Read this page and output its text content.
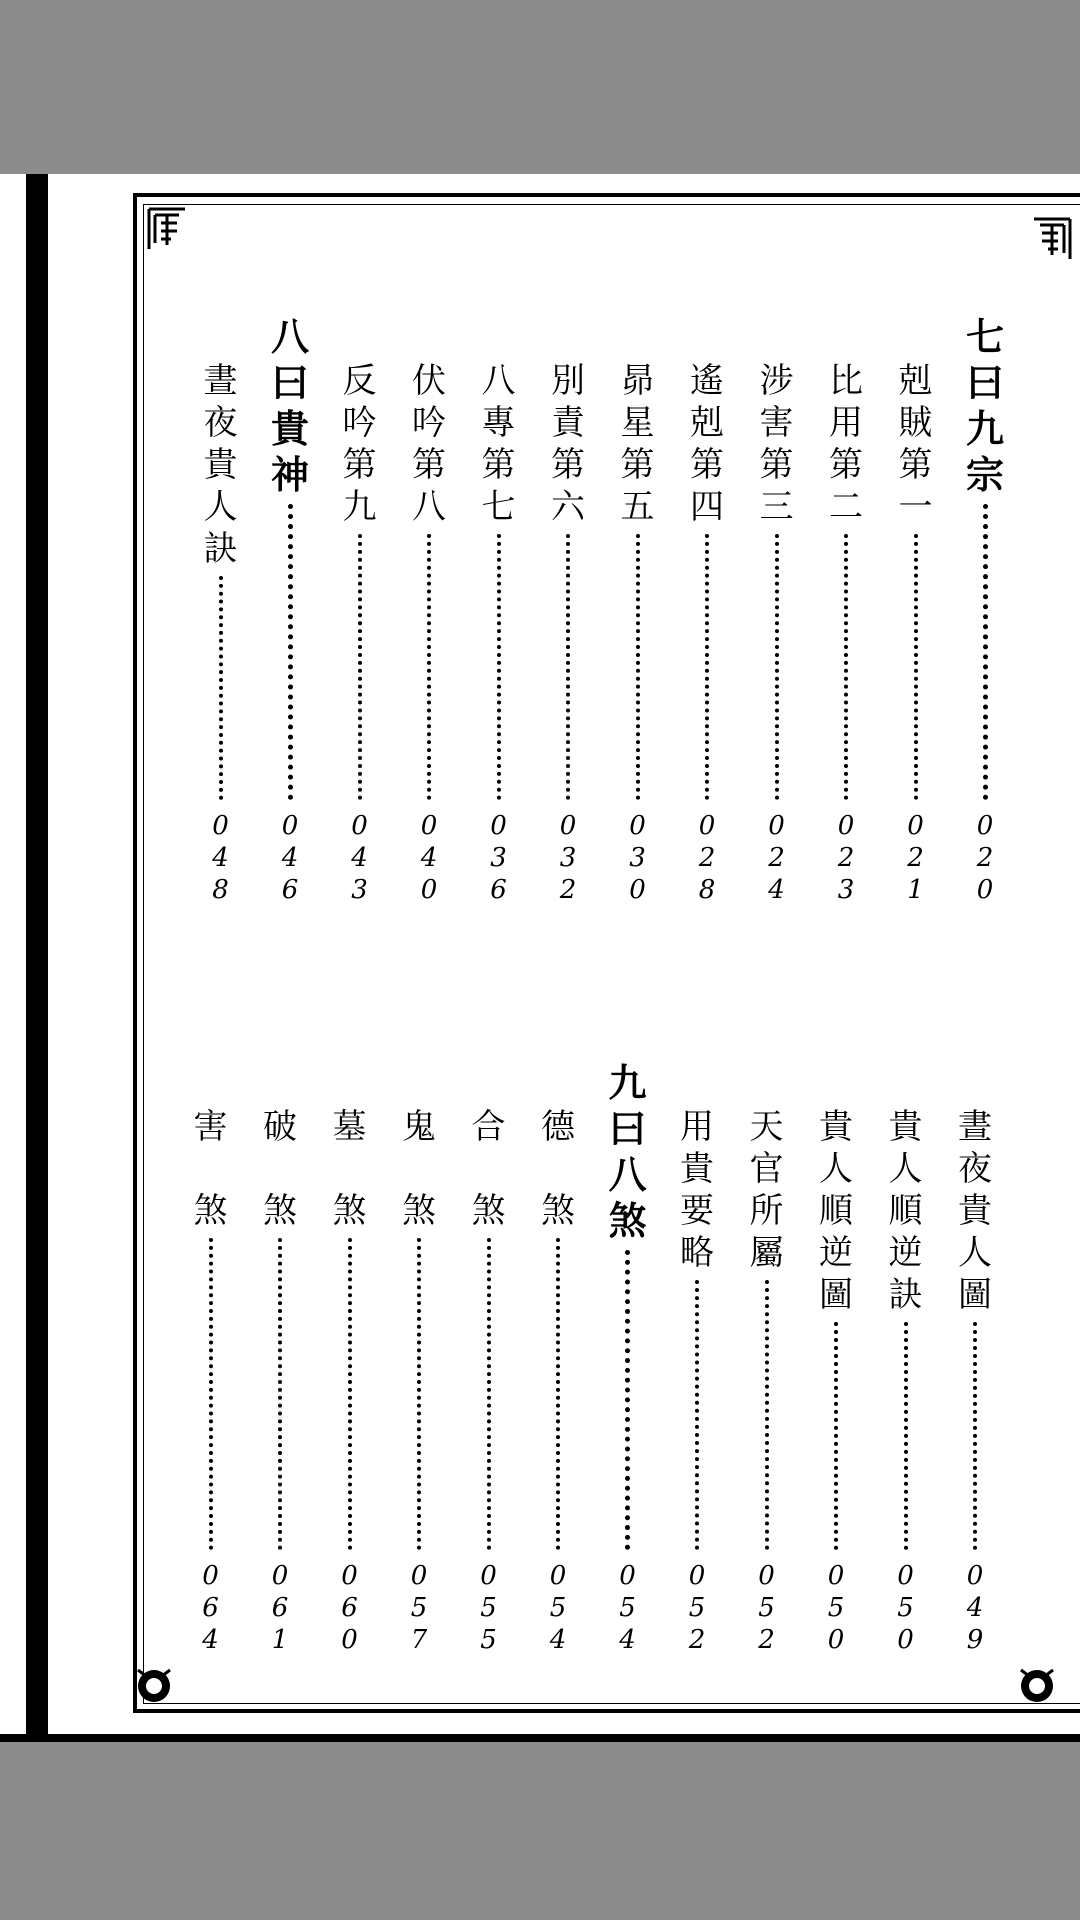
七
曰
九
宗
0
2
0
剋
賊
第
一
0
2
1
比
用
第
二
0
2
3
涉
害
第
三
0
2
4
遙
剋
第
四
0
2
8
昴
星
第
五
0
3
0
別
責
第
六
0
3
2
八
專
第
七
0
3
6
伏
吟
第
八
0
4
0
反
吟
第
九
0
4
3
八
曰
貴
神
0
4
6
晝
夜
貴
人
訣
0
4
8
晝
夜
貴
人
圖
0
4
9
貴
人
順
逆
訣
0
5
0
貴
人
順
逆
圖
0
5
0
天
官
所
屬
0
5
2
用
貴
要
略
0
5
2
九
曰
八
煞
0
5
4
德

煞
0
5
4
合

煞
0
5
5
鬼

煞
0
5
7
墓

煞
0
6
0
破

煞
0
6
1
害

煞
0
6
4
